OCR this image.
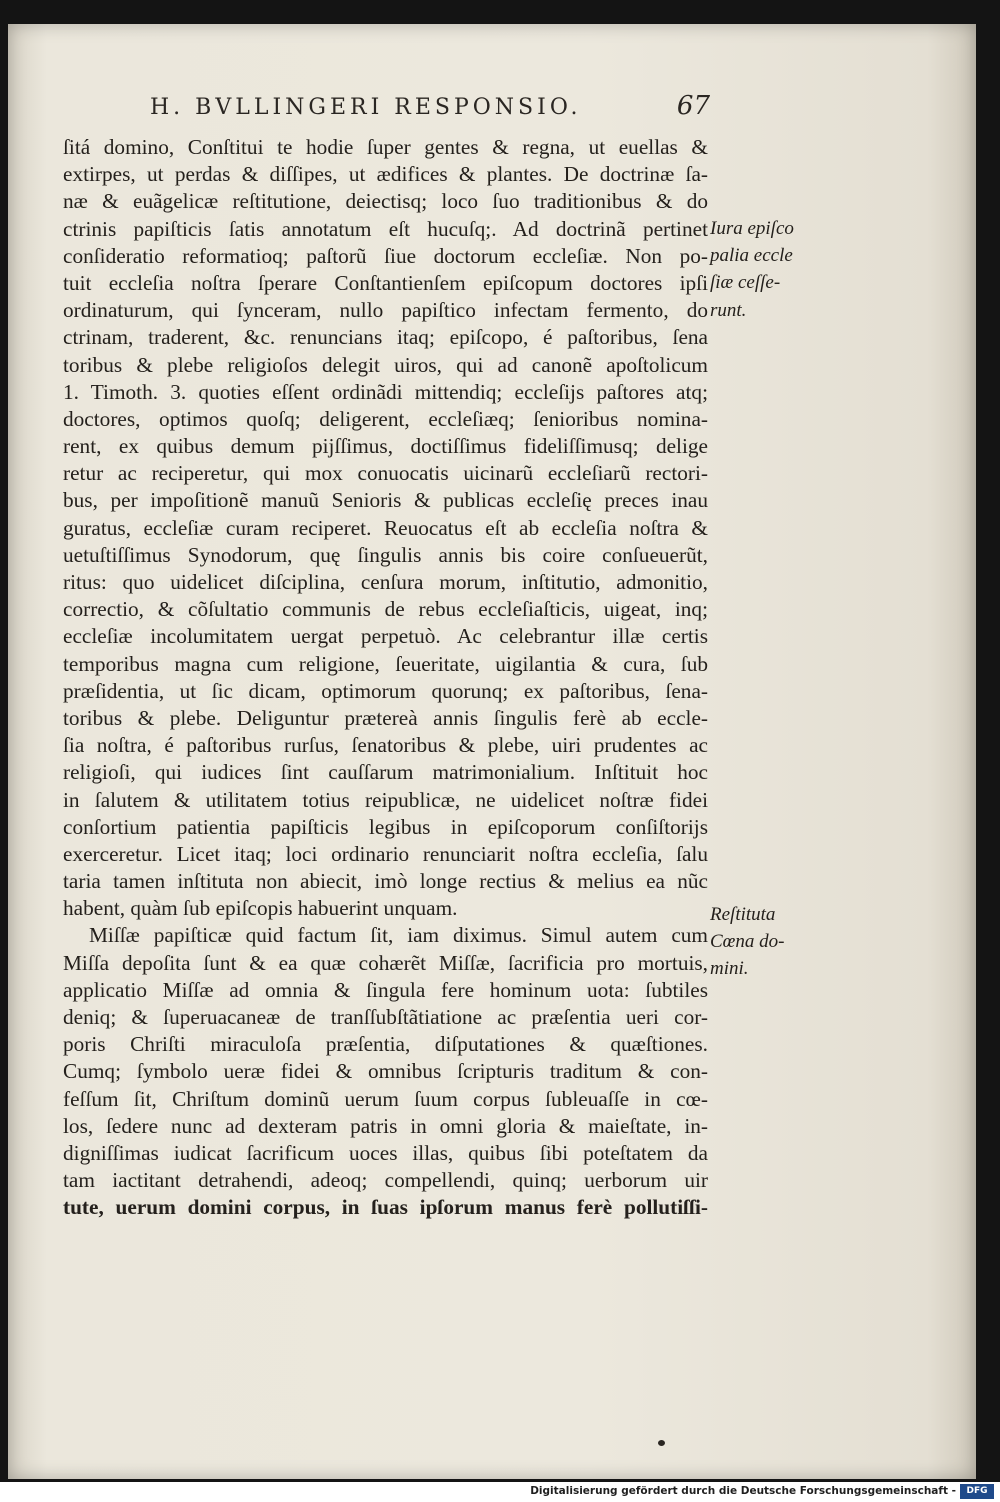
H. BVLLINGERI RESPONSIO.	67
ſitá domino, Conſtitui te hodie ſuper gentes & regna, ut euellas &
extirpes, ut perdas & diſſipes, ut ædifices & plantes. De doctrinæ ſa-
næ & euãgelicæ reſtitutione, deiectisq; loco ſuo traditionibus & do
ctrinis papiſticis ſatis annotatum eſt hucuſq;. Ad doctrinã pertinet
conſideratio reformatioq; paſtorũ ſiue doctorum eccleſiæ. Non po-
tuit eccleſia noſtra ſperare Conſtantienſem epiſcopum doctores ipſi
ordinaturum, qui ſynceram, nullo papiſtico infectam fermento, do
ctrinam, traderent, &c. renuncians itaq; epiſcopo, é paſtoribus, ſena
toribus & plebe religioſos delegit uiros, qui ad canonẽ apoſtolicum
1. Timoth. 3. quoties eſſent ordinãdi mittendiq; eccleſijs paſtores atq;
doctores, optimos quoſq; deligerent, eccleſiæq; ſenioribus nomina-
rent, ex quibus demum pijſſimus, doctiſſimus fideliſſimusq; delige
retur ac reciperetur, qui mox conuocatis uicinarũ eccleſiarũ rectori-
bus, per impoſitionẽ manuũ Senioris & publicas eccleſię preces inau
guratus, eccleſiæ curam reciperet. Reuocatus eſt ab eccleſia noſtra &
uetuſtiſſimus Synodorum, quę ſingulis annis bis coire conſueuerũt,
ritus: quo uidelicet diſciplina, cenſura morum, inſtitutio, admonitio,
correctio, & cõſultatio communis de rebus eccleſiaſticis, uigeat, inq;
eccleſiæ incolumitatem uergat perpetuò. Ac celebrantur illæ certis
temporibus magna cum religione, ſeueritate, uigilantia & cura, ſub
præſidentia, ut ſic dicam, optimorum quorunq; ex paſtoribus, ſena-
toribus & plebe. Deliguntur prætereà annis ſingulis ferè ab eccle-
ſia noſtra, é paſtoribus rurſus, ſenatoribus & plebe, uiri prudentes ac
religioſi, qui iudices ſint cauſſarum matrimonialium. Inſtituit hoc
in ſalutem & utilitatem totius reipublicæ, ne uidelicet noſtræ fidei
conſortium patientia papiſticis legibus in epiſcoporum conſiſtorijs
exerceretur. Licet itaq; loci ordinario renunciarit noſtra eccleſia, ſalu
taria tamen inſtituta non abiecit, imò longe rectius & melius ea nũc
habent, quàm ſub epiſcopis habuerint unquam.
Miſſæ papiſticæ quid factum ſit, iam diximus. Simul autem cum
Miſſa depoſita ſunt & ea quæ cohærẽt Miſſæ, ſacrificia pro mortuis,
applicatio Miſſæ ad omnia & ſingula fere hominum uota: ſubtiles
deniq; & ſuperuacaneæ de tranſſubſtãtiatione ac præſentia ueri cor-
poris Chriſti miraculoſa præſentia, diſputationes & quæſtiones.
Cumq; ſymbolo ueræ fidei & omnibus ſcripturis traditum & con-
feſſum ſit, Chriſtum dominũ uerum ſuum corpus ſubleuaſſe in cœ-
los, ſedere nunc ad dexteram patris in omni gloria & maieſtate, in-
digniſſimas iudicat ſacrificum uoces illas, quibus ſibi poteſtatem da
tam iactitant detrahendi, adeoq; compellendi, quinq; uerborum uir
tute, uerum domini corpus, in ſuas ipſorum manus ferè pollutiſſi-
Iura epiſco
palia eccle
ſiæ ceſſe-
runt.
Reſtituta
Cœna do-
mini.
Digitalisierung gefördert durch die Deutsche Forschungsgemeinschaft -	DFG
